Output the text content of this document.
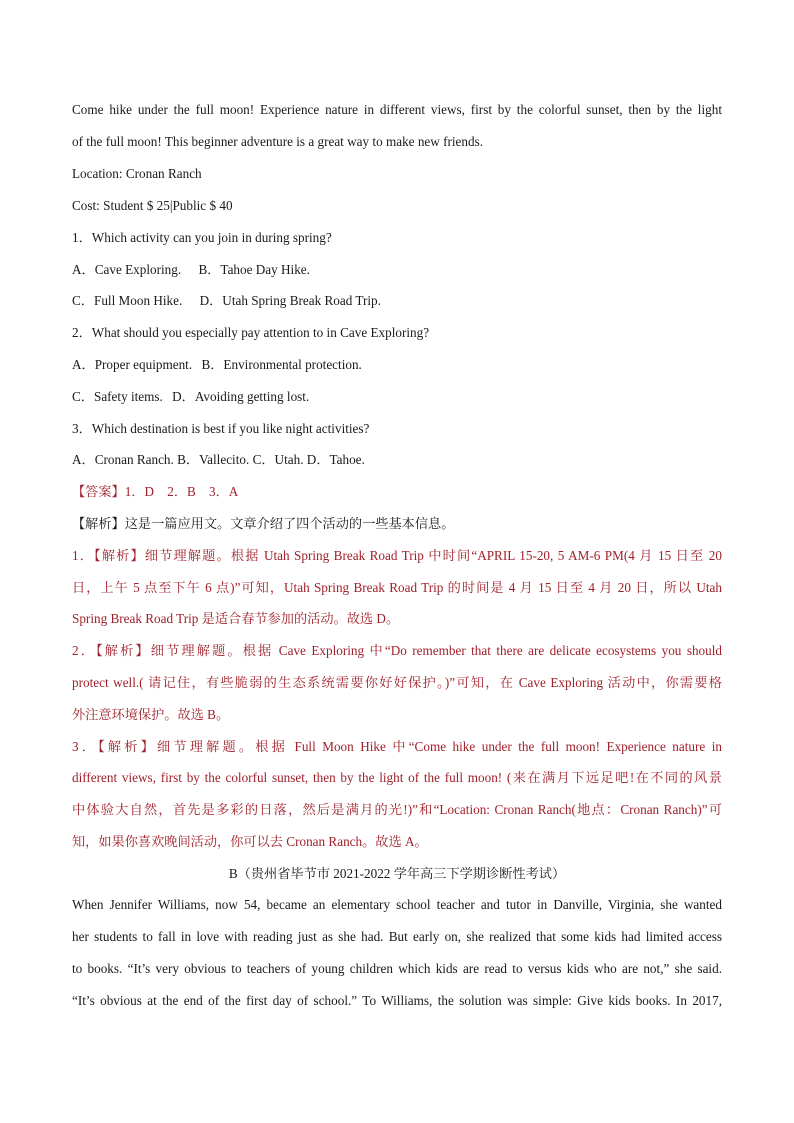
Come hike under the full moon! Experience nature in different views, first by the colorful sunset, then by the light
of the full moon! This beginner adventure is a great way to make new friends.
Location: Cronan Ranch
Cost: Student $ 25|Public $ 40
1．Which activity can you join in during spring?
A．Cave Exploring. B．Tahoe Day Hike.
C．Full Moon Hike. D．Utah Spring Break Road Trip.
2．What should you especially pay attention to in Cave Exploring?
A．Proper equipment. B．Environmental protection.
C．Safety items. D．Avoiding getting lost.
3．Which destination is best if you like night activities?
A．Cronan Ranch. B．Vallecito. C．Utah. D．Tahoe.
【答案】1．D　2．B　3．A
【解析】这是一篇应用文。文章介绍了四个活动的一些基本信息。
1．【解析】细节理解题。根据 Utah Spring Break Road Trip 中时间“APRIL 15-20, 5 AM-6 PM(4 月 15 日至 20
日，上午 5 点至下午 6 点)”可知，Utah Spring Break Road Trip 的时间是 4 月 15 日至 4 月 20 日，所以 Utah
Spring Break Road Trip 是适合春节参加的活动。故选 D。
2．【解析】细节理解题。根据 Cave Exploring 中“Do remember that there are delicate ecosystems you should
protect well.( 请记住，有些脆弱的生态系统需要你好好保护。)”可知，在 Cave Exploring 活动中，你需要格
外注意环境保护。故选 B。
3．【解析】细节理解题。根据 Full Moon Hike 中“Come hike under the full moon! Experience nature in
different views, first by the colorful sunset, then by the light of the full moon! (来在满月下远足吧!在不同的风景
中体验大自然，首先是多彩的日落，然后是满月的光!)”和“Location: Cronan Ranch(地点：Cronan Ranch)”可
知，如果你喜欢晚间活动，你可以去 Cronan Ranch。故选 A。
B（贵州省毕节市 2021-2022 学年高三下学期诊断性考试）
When Jennifer Williams, now 54, became an elementary school teacher and tutor in Danville, Virginia, she wanted
her students to fall in love with reading just as she had. But early on, she realized that some kids had limited access
to books. “It’s very obvious to teachers of young children which kids are read to versus kids who are not,” she said.
“It’s obvious at the end of the first day of school.” To Williams, the solution was simple: Give kids books. In 2017,
